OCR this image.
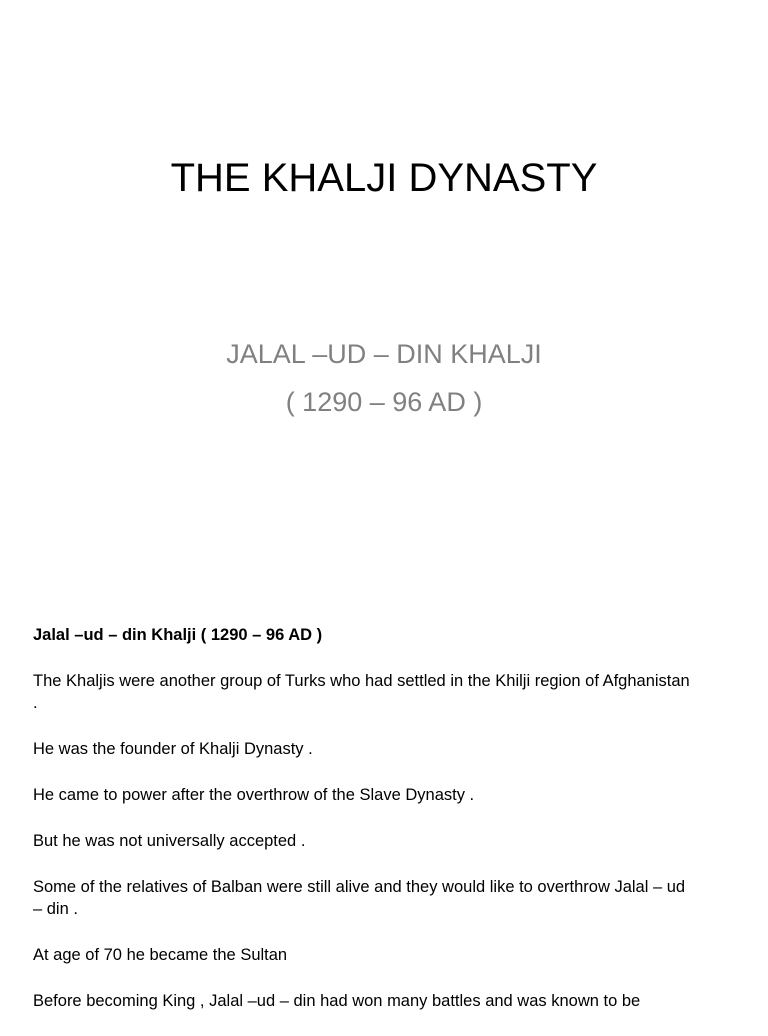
THE KHALJI DYNASTY
JALAL –UD – DIN KHALJI
( 1290 – 96 AD )
Jalal –ud – din Khalji ( 1290 – 96 AD )
The Khaljis were another group of Turks who had settled in the Khilji region of Afghanistan .
He was the founder of Khalji Dynasty .
He came to power after the overthrow of the Slave Dynasty .
But he was not universally accepted .
Some of the relatives of Balban were still alive and they would like to overthrow Jalal – ud – din .
At age of 70 he became the Sultan
Before becoming King , Jalal –ud – din had won many battles and was known to be
